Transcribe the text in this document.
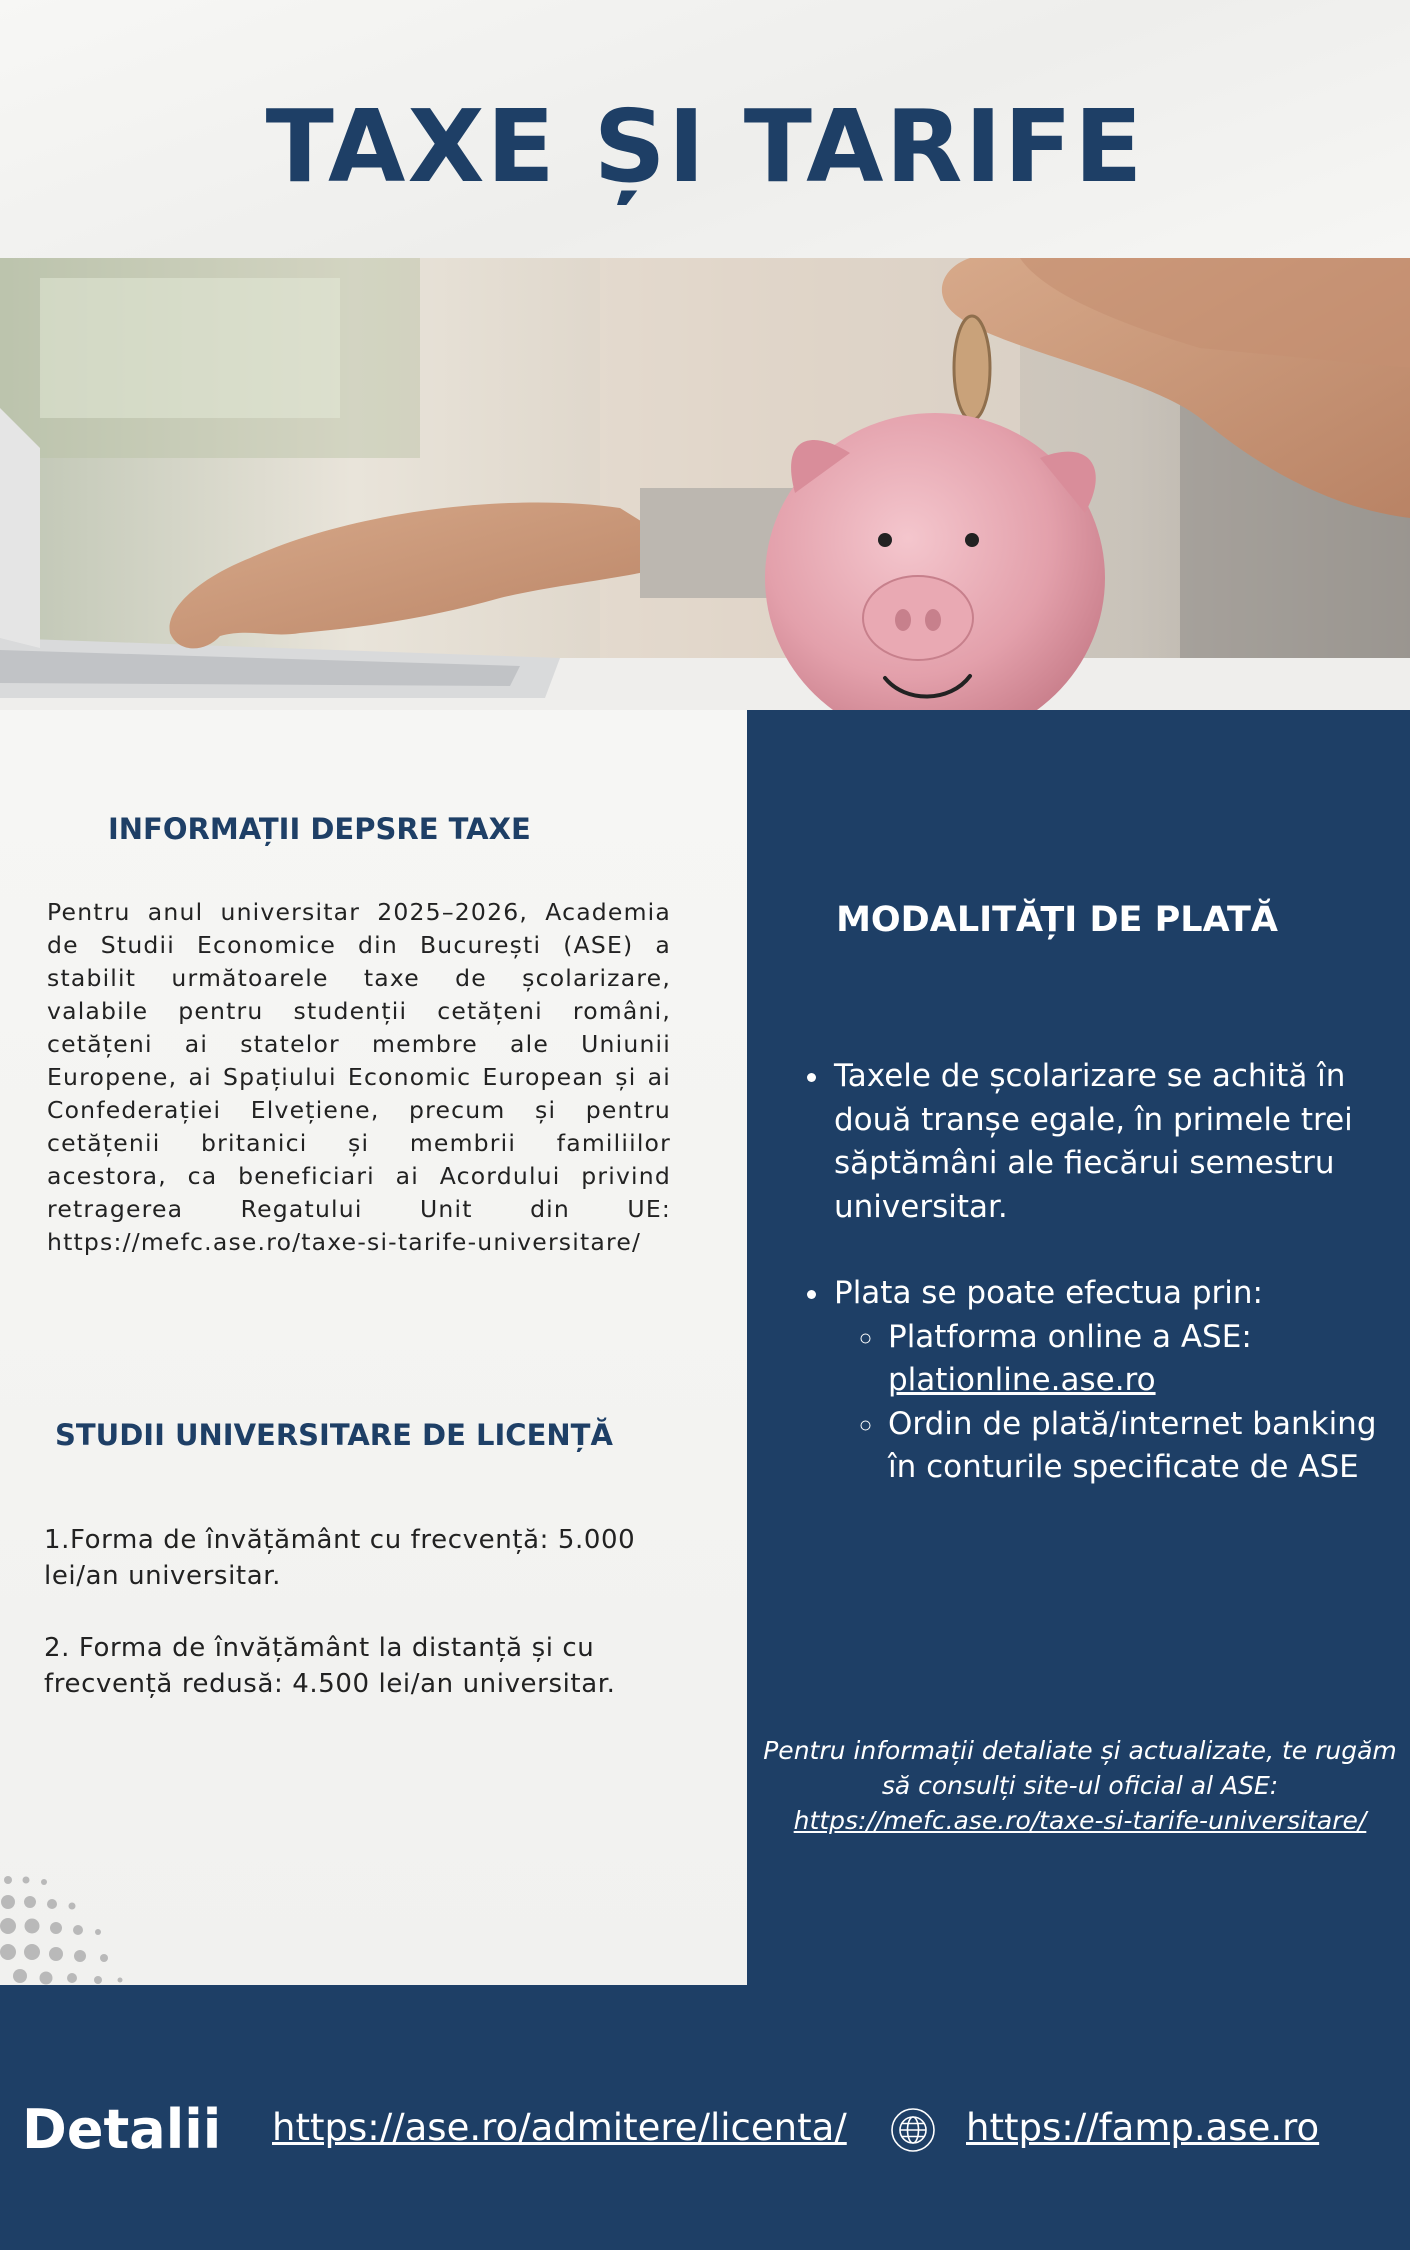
TAXE ȘI TARIFE
INFORMAȚII DEPSRE TAXE

Pentru anul universitar 2025–2026, Academia de Studii Economice din București (ASE) a stabilit următoarele taxe de școlarizare, valabile pentru studenții cetățeni români, cetățeni ai statelor membre ale Uniunii Europene, ai Spațiului Economic European și ai Confederației Elvețiene, precum și pentru cetățenii britanici și membrii familiilor acestora, ca beneficiari ai Acordului privind retragerea Regatului Unit din UE: https://mefc.ase.ro/taxe-si-tarife-universitare/

STUDII UNIVERSITARE DE LICENȚĂ

1.Forma de învățământ cu frecvență: 5.000 lei/an universitar.

2. Forma de învățământ la distanță și cu frecvență redusă: 4.500 lei/an universitar.

MODALITĂȚI DE PLATĂ
• Taxele de școlarizare se achită în două tranșe egale, în primele trei săptămâni ale fiecărui semestru universitar.
• Plata se poate efectua prin:
◦ Platforma online a ASE:
plationline.ase.ro
◦ Ordin de plată/internet banking în conturile specificate de ASE
Pentru informații detaliate și actualizate, te rugăm să consulți site-ul oficial al ASE:
https://mefc.ase.ro/taxe-si-tarife-universitare/
Detalii https://ase.ro/admitere/licenta/	https://famp.ase.ro
